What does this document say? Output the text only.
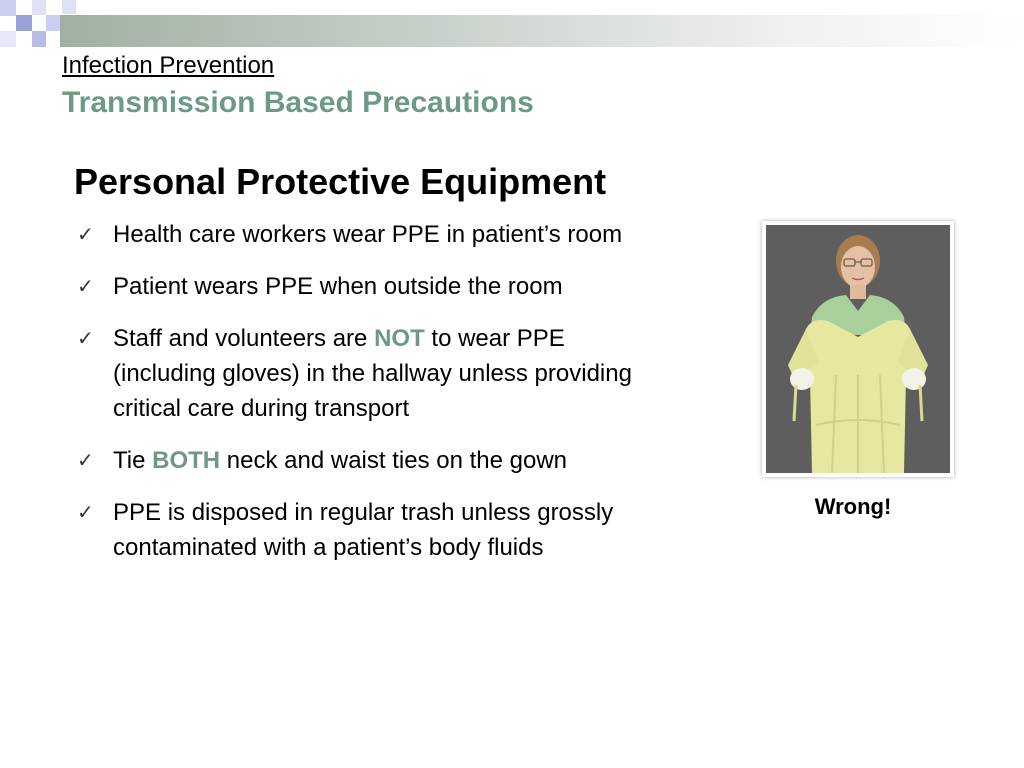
Infection Prevention
Transmission Based Precautions
Personal Protective Equipment
✓ Health care workers wear PPE in patient’s room
✓ Patient wears PPE when outside the room
✓ Staff and volunteers are NOT to wear PPE (including gloves) in the hallway unless providing critical care during transport
✓ Tie BOTH neck and waist ties on the gown
✓ PPE is disposed in regular trash unless grossly contaminated with a patient’s body fluids
Wrong!
